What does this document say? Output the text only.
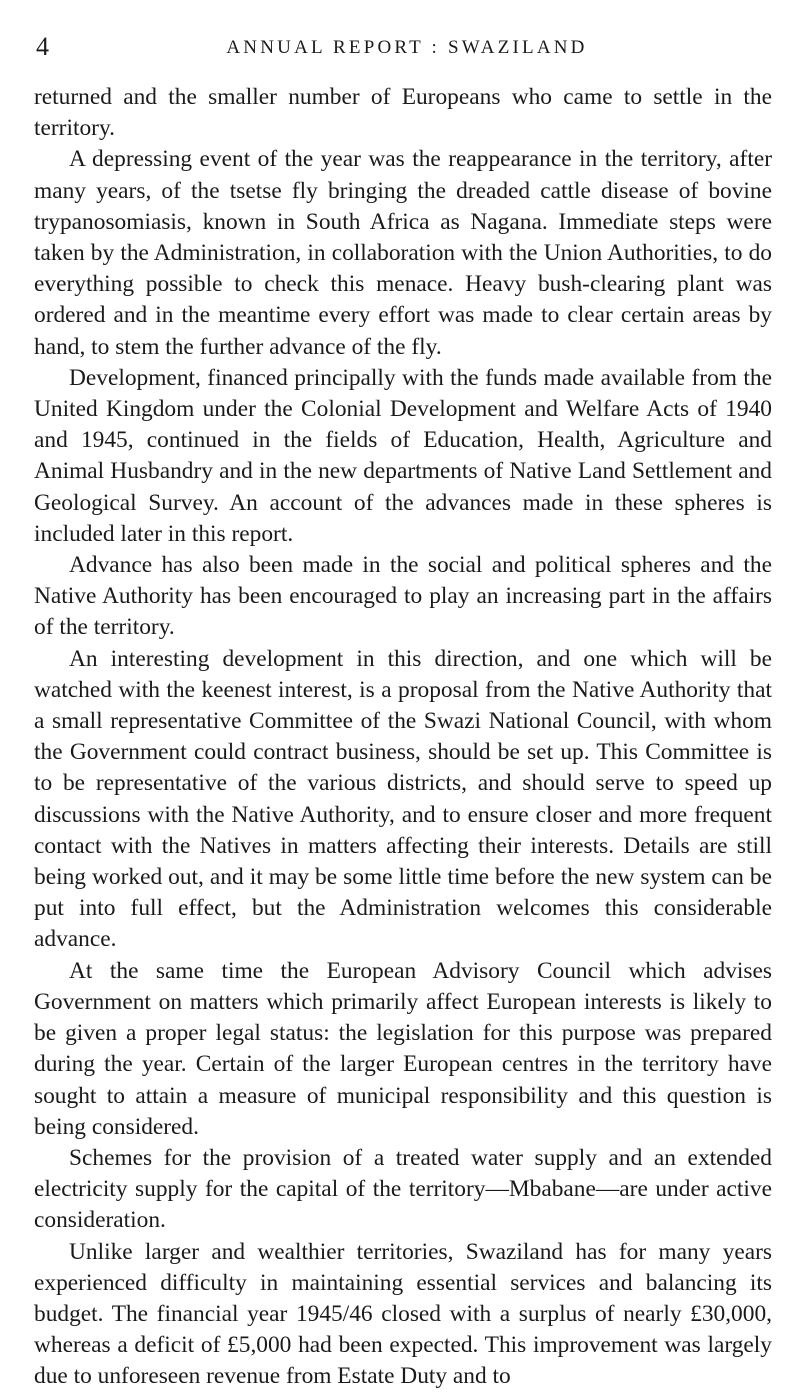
4	ANNUAL REPORT : SWAZILAND

returned and the smaller number of Europeans who came to settle in the territory.

A depressing event of the year was the reappearance in the territory, after many years, of the tsetse fly bringing the dreaded cattle disease of bovine trypanosomiasis, known in South Africa as Nagana. Immediate steps were taken by the Administration, in collaboration with the Union Authorities, to do everything possible to check this menace. Heavy bush-clearing plant was ordered and in the meantime every effort was made to clear certain areas by hand, to stem the further advance of the fly.

Development, financed principally with the funds made available from the United Kingdom under the Colonial Development and Welfare Acts of 1940 and 1945, continued in the fields of Education, Health, Agriculture and Animal Husbandry and in the new departments of Native Land Settlement and Geological Survey. An account of the advances made in these spheres is included later in this report.

Advance has also been made in the social and political spheres and the Native Authority has been encouraged to play an increasing part in the affairs of the territory.

An interesting development in this direction, and one which will be watched with the keenest interest, is a proposal from the Native Authority that a small representative Committee of the Swazi National Council, with whom the Government could contract business, should be set up. This Committee is to be representative of the various districts, and should serve to speed up discussions with the Native Authority, and to ensure closer and more frequent contact with the Natives in matters affecting their interests. Details are still being worked out, and it may be some little time before the new system can be put into full effect, but the Administration welcomes this considerable advance.

At the same time the European Advisory Council which advises Government on matters which primarily affect European interests is likely to be given a proper legal status: the legislation for this purpose was prepared during the year. Certain of the larger European centres in the territory have sought to attain a measure of municipal responsibility and this question is being considered.

Schemes for the provision of a treated water supply and an extended electricity supply for the capital of the territory—Mbabane—are under active consideration.

Unlike larger and wealthier territories, Swaziland has for many years experienced difficulty in maintaining essential services and balancing its budget. The financial year 1945/46 closed with a surplus of nearly £30,000, whereas a deficit of £5,000 had been expected. This improvement was largely due to unforeseen revenue from Estate Duty and to
